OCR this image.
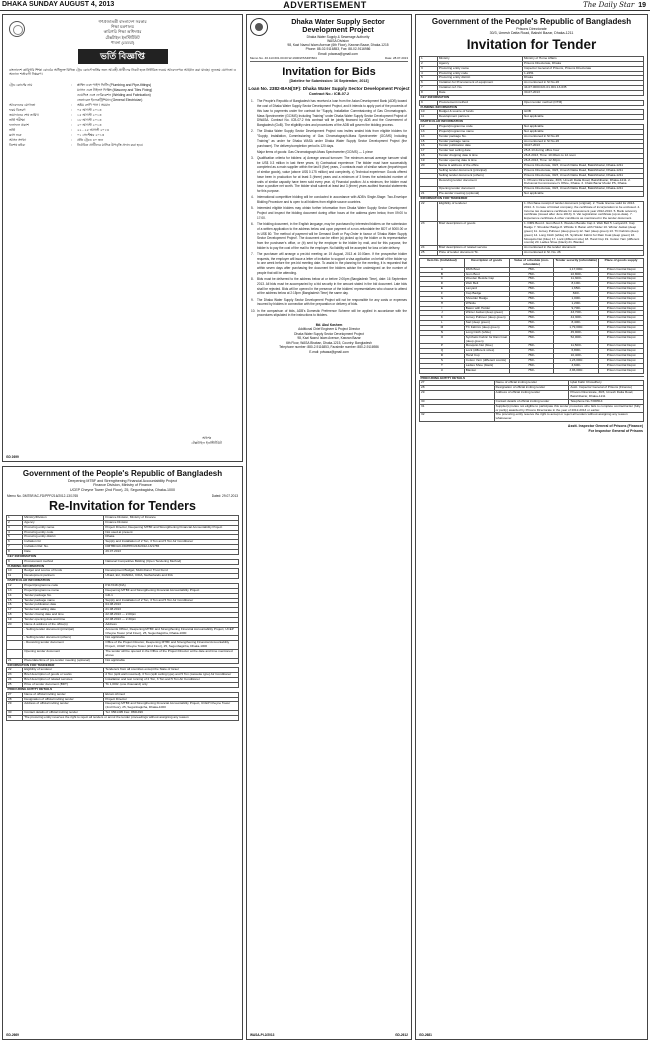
DHAKA SUNDAY AUGUST 4, 2013	ADVERTISEMENT	The Daily Star 19
গণপ্রজাতন্ত্রী বাংলাদেশ সরকার
শিক্ষা মন্ত্রণালয়
কারিগরি শিক্ষা অধিদপ্তর
টেক্সটাইল ইনস্টিটিউট
পাবনা (ডেমরা)
ভর্তি বিজ্ঞপ্তি
বাংলাদেশ কারিগরি শিক্ষা বোর্ডের অধিভুক্ত বিভিন্ন ট্রেড কোর্সে ভর্তির জন্য আগ্রহী প্রার্থীদের নিকট হতে নির্ধারিত ফরমে আবেদনপত্র আহ্বান করা যাচ্ছে। ন্যূনতম যোগ্যতা ও অন্যান্য শর্তাবলী নিম্নরূপ।
ট্রেড কোর্সের নাম	:	প্লাম্বিং এবং পাইপ ফিটিং (Plumbing and Pipe-fittings)
ম্যাসন এবং টাইলস ফিক্সিং (Masonry and Tiles Fixing)
ওয়েল্ডিং এবং ফেব্রিকেশন (Welding and Fabrication)
জেনারেল ইলেকট্রিশিয়ান (General Electrician)
আবেদনের যোগ্যতা	:	অষ্টম শ্রেণি পাস / সমমান
ফরম বিতরণ	:	০৫ আগস্ট ২০১৩
জমাদানের শেষ তারিখ	:	১৫ আগস্ট ২০১৩
ভর্তি পরীক্ষা	:	১৮ আগস্ট ২০১৩
ফলাফল প্রকাশ	:	২০ আগস্ট ২০১৩
ভর্তি	:	২২ - ২৫ আগস্ট ২০১৩
ক্লাস শুরু	:	০১ সেপ্টেম্বর ২০১৩
আসন সংখ্যা	:	প্রতি ট্রেডে ৪০ জন
বিশেষ দ্রষ্টব্য	:	নির্বাচিত প্রার্থীদের মাসিক উপবৃত্তি প্রদান করা হবে।
অধ্যক্ষ
টেক্সটাইল ইনস্টিটিউট
GD 2699
Government of the People's Republic of Bangladesh
Deepening MTBF and Strengthening Financial Accountability Project
Finance Division, Ministry of Finance
UCEP Cheyne Tower (2nd Floor), 25, Segunbagicha, Dhaka-1000
Memo No. DMTBF/AC-FD/PPF/216/2012-13/1765	Dated: 29.07.2013
Re-Invitation for Tenders
1	Ministry/Division	Finance Division, Ministry of Finance
2	Agency	Finance Division
3	Procuring entity name	Project Director, Deepening MTBF and Strengthening Financial Accountability Project
4	Procuring entity code	Not used at present
5	Procuring entity district	Dhaka
6	Invitation for	Supply and Installation of 2 Ton, 3 Ton and 5 Ton Air Conditioner
7	Invitation Ref. No.	DMTBF/AC-FD/PPF/216/2012-13/1765
8	Date	29.07.2013
KEY INFORMATION		
9	Procurement method	National Competitive Bidding (Open Tendering Method)
FUNDING INFORMATION		
10	Budget and source of funds	Development Budget, Multi-Donor Trust Fund
11	Development partners	UKaid, EU, DANIDA, CIDA, Netherlands and IDA
PARTICULAR INFORMATION		
12	Project/programme code	P117248 (IDA)
13	Project/programme name	Deepening MTBF and Strengthening Financial Accountability Project
14	Tender package No.	GD-1
15	Tender package name	Supply and Installation of 2 Ton, 3 Ton and 5 Ton Air Conditioner
16	Tender publication date	04.08.2013
17	Tender last selling date	21.08.2013
18	Tender closing date and time	22.08.2013 — 2.00pm
19	Tender opening date and time	22.08.2013 — 2.30pm
20	Name & address of the office(s)	Address
	- Selling tender document (principal)	Accounts Officer, Deepening MTBF and Strengthening Financial Accountability Project, UCEP Cheyne Tower (2nd Floor), 25, Segunbagicha, Dhaka-1000
	- Selling tender document (others)	Not applicable
	- Receiving tender document	Office of the Project Director, Deepening MTBF and Strengthening Financial Accountability Project, UCEP Cheyne Tower (2nd Floor), 25, Segunbagicha, Dhaka-1000
	Opening tender document	The tender will be opened in the Office of the Project Director at the date and time mentioned above
21	Place/date/time of pre-tender meeting (optional)	Not applicable
INFORMATION FOR TENDERER		
22	Eligibility of tenderer	Tenderers from all countries except the State of Israel
23	Brief description of goods or works	2 Ton (split wall mounted), 3 Ton (split ceiling type) and 5 Ton (cassette type) Air Conditioner
24	Brief description of related services	Installation and test running of 2 Ton, 3 Ton and 5 Ton Air Conditioner
25	Price of tender document (BDT)	Tk 1,000/- (one thousand) only
PROCURING ENTITY DETAILS		
27	Name of official inviting tender	Ekram Ahmed
28	Designation of official inviting tender	Project Director
29	Address of official inviting tender	Deepening MTBF and Strengthening Financial Accountability Project, UCEP Cheyne Tower (2nd Floor), 25, Segunbagicha, Dhaka-1000
30	Contact details of official inviting tender	Tel: 9561495 Fax: 9561496
31	The procuring entity reserves the right to reject all tenders or annul the tender proceedings without assigning any reason	
GD-2669
Dhaka Water Supply Sector Development Project
Dhaka Water Supply & Sewerage Authority
WASA Division
98, Kazi Nazrul Islam Avenue (6th Floor), Kawran Bazar, Dhaka-1215
Phone: 88-02-9116853, Fax: 88-02-9116986
Email: pdwasa@gmail.com
Memo No. 46.113.601.00.00.W-1900/WSSDP/604	Date: 28.07.2013
Invitation for Bids
[Dateline for Submission: 16 September, 2013]
Loan No. 2382-BAN(SF): Dhaka Water Supply Sector Development Project
Contract No.: ICB-07.2
1.	The People's Republic of Bangladesh has received a loan from the Asian Development Bank (ADB) toward the cost of Dhaka Water Supply Sector Development Project, and it intends to apply part of the proceeds of this loan to payments under the contract for "Supply, Installation Commissioning of Gas Chromatograph-Mass Spectrometer (GC/MS) Including Training" under Dhaka Water Supply Sector Development Project of DWASA. Contract No. ICB-07.2 this contract will be jointly financed by ADB and the Government of Bangladesh (GoB). The eligibility rules and procedures of the ADB will govern the bidding process.
2.	The Dhaka Water Supply Sector Development Project now invites sealed bids from eligible bidders for "Supply, Installation, Commissioning of Gas Chromatograph-Mass Spectrometer (GC/MS) Including Training" as under for Dhaka WASA under Dhaka Water Supply Sector Development Project (the purchaser). The delivery/completion period is 120 days.
Major items of goods: Gas Chromatograph-Mass Spectrometer (GC/MS) — 1 piece
3.	Qualification criteria for bidders: a) Average annual turnover: The minimum annual average turnover shall be US$ 0.3 million in last three years. b) Contractual experience: The bidder must have successfully completed as a main supplier within the last 5 (five) years, 2 contracts each of similar nature (import/export of similar goods), value (above US$ 0.175 million) and complexity. c) Technical experience: Goods offered have been in production for at least 3 (three) years and a minimum of 3 times the scheduled number of units of similar capacity have been sold every year. d) Financial position: At a minimum, the bidder must have a positive net worth. The bidder shall submit at least last 3 (three) years audited financial statements for this purpose.
4.	International competitive bidding will be conducted in accordance with ADB's Single-Stage: Two-Envelope Bidding Procedure and is open to all bidders from eligible source countries.
5.	Interested eligible bidders may obtain further information from Dhaka Water Supply Sector Development Project and inspect the bidding document during office hours at the address given below, from 09:00 to 17:00.
6.	The bidding document, in the English language, may be purchased by interested bidders on the submission of a written application to the address below and upon payment of a non-refundable fee BDT of 5000.00 or in US$ 80. The method of payment will be Demand Draft or Pay-Order in favour of 'Dhaka Water Supply Sector Development Project'. The document can be either (a) picked up by the bidder or its representative from the purchaser's office, or (b) sent by the employer to the bidder by mail, and for this purpose, the bidder is to pay the cost of the mail to the employer. No liability will be accepted for loss or late delivery.
7.	The purchaser will arrange a pre-bid meeting on 19 August, 2013 at 10:00am. If the prospective bidder requests, the employer will issue a letter of invitation to support a visa application on behalf of the bidder up to one week before the pre-bid meeting date. To assist in the planning for the meeting, it is requested that within seven days after purchasing the document the bidders advise the undersigned on the number of people that will be attending.
8.	Bids must be delivered to the address below at or before 2:00pm (Bangladesh Time), date: 16 September 2013. All bids must be accompanied by a bid security in the amount stated in the bid document. Late bids shall be rejected. Bids will be opened in the presence of the bidders' representatives who choose to attend at the address below at 2:15pm (Bangladesh Time) the same day.
9.	The Dhaka Water Supply Sector Development Project will not be responsible for any costs or expenses incurred by bidders in connection with the preparation or delivery of bids.
10. In the comparison of bids, ADB's Domestic Preference Scheme will be applied in accordance with the procedures stipulated in the instructions to bidders.
Md. Abul Kashem
Additional Chief Engineer & Project Director
Dhaka Water Supply Sector Development Project
98, Kazi Nazrul Islam Avenue, Kawran Bazar
6th Floor, WASA Bhaban, Dhaka-1215, Country: Bangladesh
Telephone number: 880-2-9116853, Facsimile number: 880-2-9116986
E-mail: pdwasa@gmail.com
WASA-PI-2/2013	GD-2612
Government of the People's Republic of Bangladesh
Prisons Directorate
30/3, Umesh Datta Road, Bakshi Bazar, Dhaka-1211
Invitation for Tender
1	Ministry	Ministry of Home Affairs
2	Agency	Prisons Directorate, Dhaka
3	Procuring entity name	Inspector General of Prisons, Prisons Directorate
4	Procuring entity code	1-2251
5	Procuring entity district	Dhaka
6	Invitation for Procurement of equipment	As mentioned in Sl No-26
7	Invitation ref. No.	44-07.0000.021.01.001.13-635
8	Date	30-07-2013
KEY INFORMATION		
9	Procurement method	Open tender method (OTM)
FUNDING INFORMATION		
10	Budget & source of funds	GOB
11	Development partners	Not applicable
PARTICULAR INFORMATION		
12	Project/programme code	Not applicable
13	Project/programme name	Not applicable
14	Tender package No.	As mentioned in Sl No-26
15	Tender package name	As mentioned in Sl No-26
16	Tender publication date	30-07-2013
17	Tender last selling date	25-8-13 during office hour
18	Tender dropping date & time	26-8-2013, Time: 10.00am to 12.noon
19	Tender opening date & time	26-8-2013, Time: 12.30pm
20	Name & address of the office	Prisons Directorate, 30/3, Umesh Datta Road, Bakshibazar, Dhaka-1211
	Selling tender document (principal)	Prisons Directorate, 30/3, Umesh Datta Road, Bakshibazar, Dhaka-1211
	Selling tender document (others)	Prisons Directorate, 30/3, Umesh Datta Road, Bakshibazar, Dhaka-1211
	Receiving tender document	1. Prisons Directorate, 30/3, Umesh Datta Road, Bakshibazar, Dhaka-1211. 2. Divisional Commissioner's Office, Dhaka. 3. Chalk Bazar Model PS, Dhaka
	Opening tender document	Prisons Directorate, 30/3, Umesh Datta Road, Bakshibazar, Dhaka-1211
21	Pre-tender meeting (optional)	Not applicable
INFORMATION FOR TENDERER		
22	Eligibility of tenderer	1. Purchase receipt of tender document (original). 2. Trade license valid for 2013-2014. 3. In case of limited company, the certificate of incorporation to be enclosed. 4. Income tax clearance certificate for assessment year 2012-2013. 5. Bank solvency certificate (issued after June 2013). 6. Vat registration certificate (up-to-date). 7. Experience certificate & other conditions as mentioned in the tender document.
23	Brief descriptions of goods	1. DMS Boot 2. Gum Boot 3. Wooden Beside Cap 4. Web Belt 5. Lanyard 6. Cap Badge 7. Shoulder Badge 8. Whistle 9. Baton with Holder 10. Winter Jacket (deep green) 11. Jersey Pullover (deep green) 12. Sari (deep green) 13. TC Fabrics (deep green) 14. Long Cloth (white) 15. Synthetic Fabric for Rain Coat (deep green) 16. Mosquito Net (blue) 17. Lock (different size) 18. Hand Cup 19. Cotton Yarn (different counts) 20. Ladies Shoe (black) 21. Blanket
24	Brief descriptions of related service	As mentioned in the tender document
25	Price of tender document Tk.	As mentioned in Sl. No. 26
Item No. (Individual)	Description of goods	Value of schedule (non-refundable)	Tender security (refundable)	Place of goods supply
A	DMS Boot	750/-	1,17,000/-	Prison Central Depot
B	Gum Boot	750/-	22,800/-	Prison Central Depot
C	Wooden Beside Cap	750/-	11,300/-	Prison Central Depot
D	Web Belt	750/-	8,100/-	Prison Central Depot
E	Lanyard	750/-	1,650/-	Prison Central Depot
F	Cap Badge	750/-	840/-	Prison Central Depot
G	Shoulder Badge	750/-	1,000/-	Prison Central Depot
H	Whistle	750/-	1,200/-	Prison Central Depot
I	Baton with Holder	750/-	9,700/-	Prison Central Depot
J	Winter Jacket (deep green)	750/-	43,700/-	Prison Central Depot
K	Jersey Pullover (deep green)	750/-	44,300/-	Prison Central Depot
L	Sari (deep green)	750/-	8,400/-	Prison Central Depot
M	TC Fabrics (deep green)	750/-	1,79,000/-	Prison Central Depot
N	Long Cloth (white)	750/-	45,900/-	Prison Central Depot
O	Synthetic Fabric for Rain Coat (deep green)	750/-	52,000/-	Prison Central Depot
P	Mosquito Net (blue)	750/-	11,500/-	Prison Central Depot
Q	Lock (different sizes)	750/-	6,800/-	Prison Central Depot
R	Hand Cup	750/-	10,400/-	Prison Central Depot
S	Cotton Yarn (different counts)	750/-	1,23,000/-	Prison Central Depot
T	Ladies Shoe (black)	750/-	3,600/-	Prison Central Depot
U	Blanket	750/-	3,96,000/-	Prison Central Depot
PROCURING ENTITY DETAILS		
27	Name of official inviting tender	Iqbal Kabir Chowdhury
28	Designation of official inviting tender	Asstt. Inspector General of Prisons (Finance)
29	Address of official inviting tender	Prisons Directorate, 30/3, Umesh Datta Road, Bakshibazar, Dhaka-1211
30	Contact details of official inviting tender	Telephone No-7300514
31	Supplier(s) is/are not eligible to participate this tender procedure who fails to complete contract/order (fully or partly) awarded by Prisons Directorate in the year of 2012-2013 or earlier.	
32	The procuring entity reserve the right to accept or reject all tenders without assigning any reason whatsoever.	
Asstt. Inspector General of Prisons (Finance)
For Inspector General of Prisons
GD-2681
